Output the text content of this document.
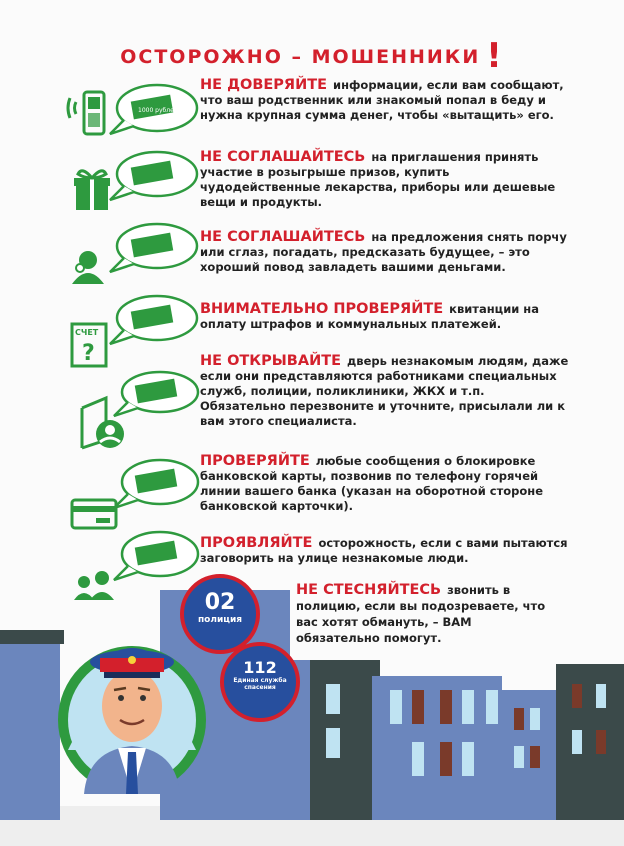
ОСТОРОЖНО – МОШЕННИКИ !
1000 рублей
НЕ ДОВЕРЯЙТЕ информации, если вам сообщают, что ваш родственник или знакомый попал в беду и нужна крупная сумма денег, чтобы «вытащить» его.
НЕ СОГЛАШАЙТЕСЬ на приглашения принять участие в розыгрыше призов, купить чудодейственные лекарства, приборы или дешевые вещи и продукты.
НЕ СОГЛАШАЙТЕСЬ на предложения снять порчу или сглаз, погадать, предсказать будущее, – это хороший повод завладеть вашими деньгами.
СЧЕТ
?
ВНИМАТЕЛЬНО ПРОВЕРЯЙТЕ квитанции на оплату штрафов и коммунальных платежей.
НЕ ОТКРЫВАЙТЕ дверь незнакомым людям, даже если они представляются работниками специальных служб, полиции, поликлиники, ЖКХ и т.п. Обязательно перезвоните и уточните, присылали ли к вам этого специалиста.
ПРОВЕРЯЙТЕ любые сообщения о блокировке банковской карты, позвонив по телефону горячей линии вашего банка (указан на оборотной стороне банковской карточки).
ПРОЯВЛЯЙТЕ осторожность, если с вами пытаются заговорить на улице незнакомые люди.
02
полиция
112
Единая служба спасения
НЕ СТЕСНЯЙТЕСЬ звонить в полицию, если вы подозреваете, что вас хотят обмануть, – ВАМ обязательно помогут.
